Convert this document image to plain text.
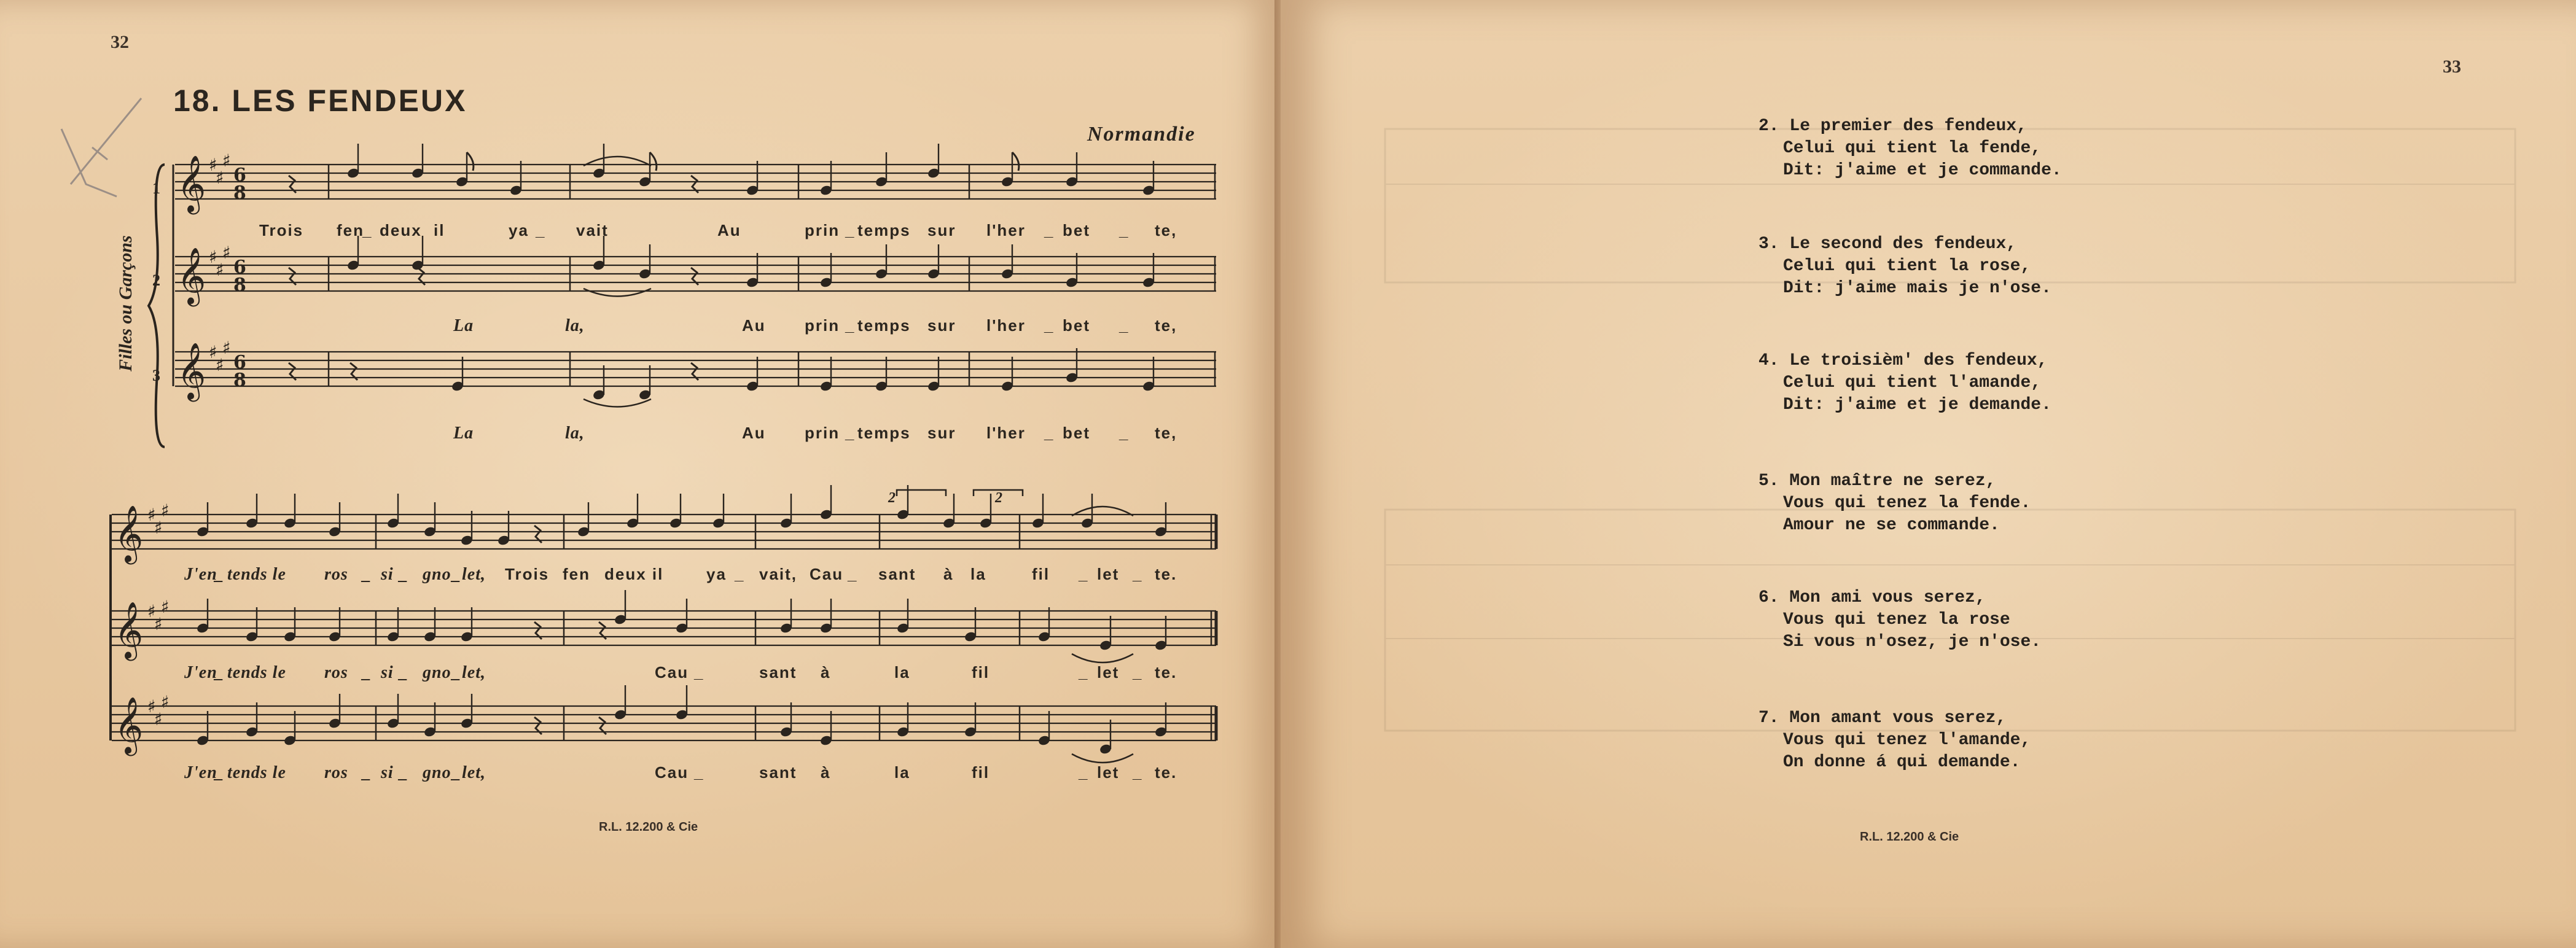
32
18. LES FENDEUX
Normandie
Filles ou Garçons
1
2
3
𝄞 ♯
♯
♯
6
8
𝄞 ♯
♯
♯
6
8
𝄞 ♯
♯
♯
6
8
𝄞 ♯
♯
♯
𝄞 ♯
♯
♯
𝄞 ♯
♯
♯
Trois fen
_ deux il	ya _ vait	Au	prin _ temps sur l'her _ bet _ te,
La	la,	Au prin _ temps sur l'her _ bet _ te,
La	la,	Au prin _ temps sur l'her _ bet _ te,
J'en
_ tends le ros _ si _ gno _ let, Trois fen deux il	ya _ vait, Cau _ sant à la	fil _ let _ te.
J'en
_ tends le ros _ si _ gno _ let,	Cau _	sant à	la	fil	_ let _ te.
J'en
_ tends le ros _ si _ gno _ let,	Cau _	sant à	la	fil	_ let _ te.
2	2
R.L. 12.200 & Cie
33
2. Le premier des fendeux,
Celui qui tient la fende,
Dit: j'aime et je commande.
3. Le second des fendeux,
Celui qui tient la rose,
Dit: j'aime mais je n'ose.
4. Le troisièm' des fendeux,
Celui qui tient l'amande,
Dit: j'aime et je demande.
5. Mon maître ne serez,
Vous qui tenez la fende.
Amour ne se commande.
6. Mon ami vous serez,
Vous qui tenez la rose
Si vous n'osez, je n'ose.
7. Mon amant vous serez,
Vous qui tenez l'amande,
On donne á qui demande.
R.L. 12.200 & Cie
